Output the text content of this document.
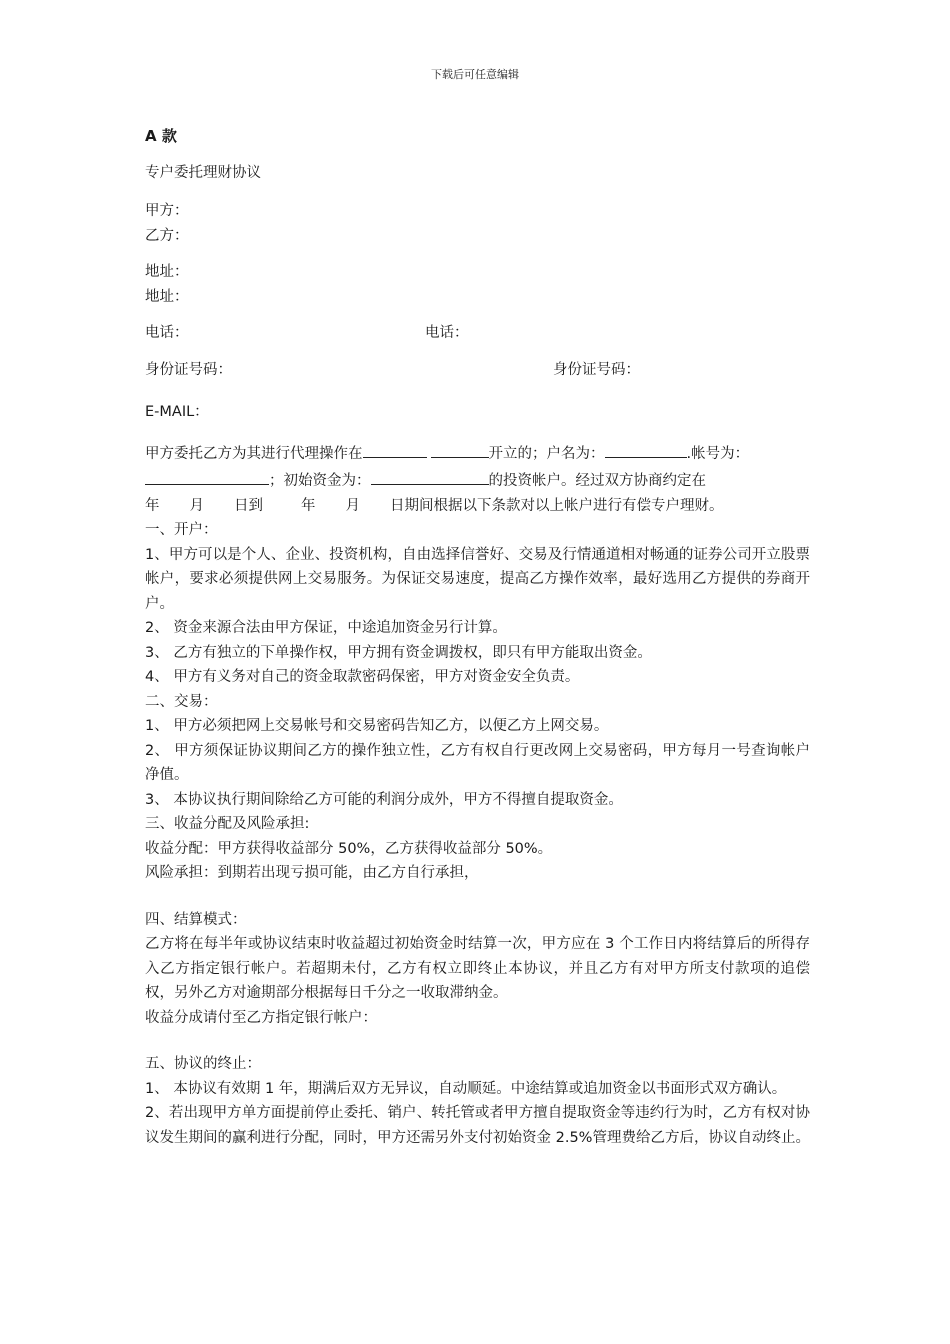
下载后可任意编辑

A 款

专户委托理财协议

甲方：

乙方：

地址：

地址：

电话：	电话：

身份证号码：	身份证号码：

E-MAIL：

甲方委托乙方为其进行代理操作在	开立的；户名为：	.帐号为：

；初始资金为：	的投资帐户。经过双方协商约定在

年 月 日到	年 月 日期间根据以下条款对以上帐户进行有偿专户理财。

一、开户：

1、甲方可以是个人、企业、投资机构，自由选择信誉好、交易及行情通道相对畅通的证券公司开立股票帐户，要求必须提供网上交易服务。为保证交易速度，提高乙方操作效率，最好选用乙方提供的券商开户。

2、 资金来源合法由甲方保证，中途追加资金另行计算。

3、 乙方有独立的下单操作权，甲方拥有资金调拨权，即只有甲方能取出资金。

4、 甲方有义务对自己的资金取款密码保密，甲方对资金安全负责。

二、交易：

1、 甲方必须把网上交易帐号和交易密码告知乙方，以便乙方上网交易。

2、 甲方须保证协议期间乙方的操作独立性，乙方有权自行更改网上交易密码，甲方每月一号查询帐户净值。

3、 本协议执行期间除给乙方可能的利润分成外，甲方不得擅自提取资金。

三、收益分配及风险承担:

收益分配：甲方获得收益部分 50%，乙方获得收益部分 50%。

风险承担：到期若出现亏损可能，由乙方自行承担，

四、结算模式：

乙方将在每半年或协议结束时收益超过初始资金时结算一次，甲方应在 3 个工作日内将结算后的所得存入乙方指定银行帐户。若超期未付，乙方有权立即终止本协议，并且乙方有对甲方所支付款项的追偿权，另外乙方对逾期部分根据每日千分之一收取滞纳金。

收益分成请付至乙方指定银行帐户：

五、协议的终止：

1、 本协议有效期 1 年，期满后双方无异议，自动顺延。中途结算或追加资金以书面形式双方确认。

2、若出现甲方单方面提前停止委托、销户、转托管或者甲方擅自提取资金等违约行为时，乙方有权对协议发生期间的赢利进行分配，同时，甲方还需另外支付初始资金 2.5%管理费给乙方后，协议自动终止。
